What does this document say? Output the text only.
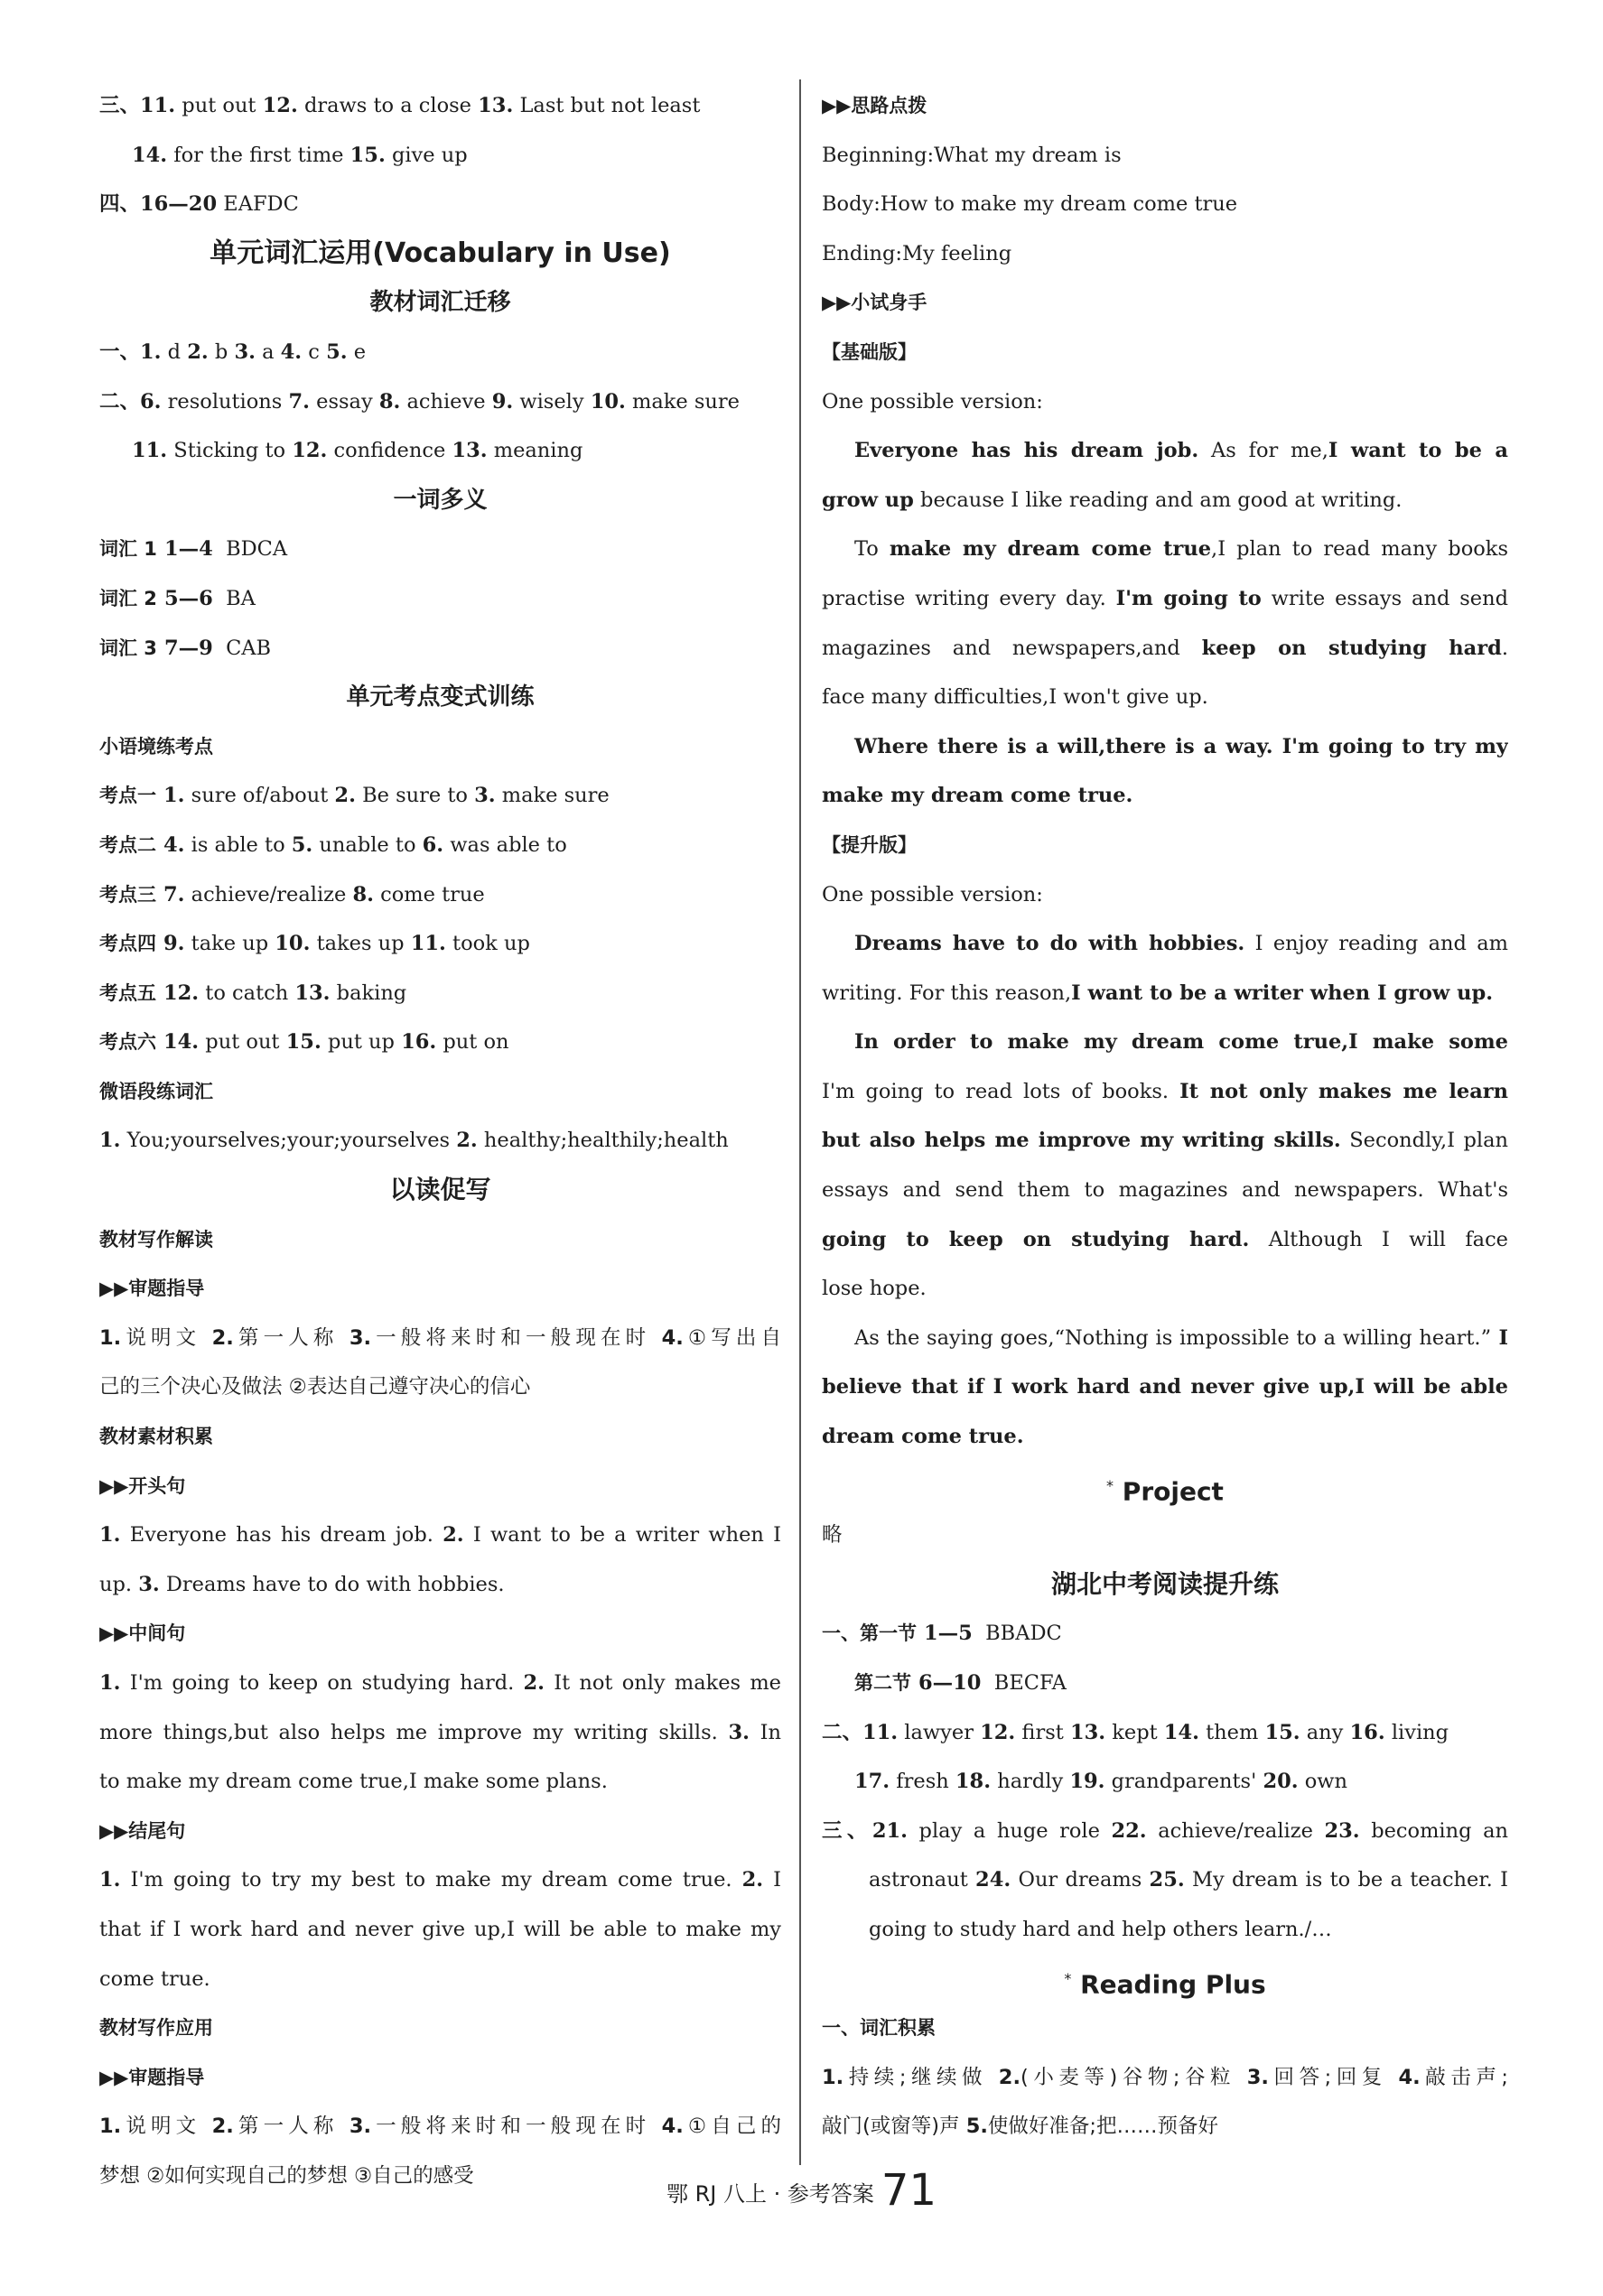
三、11. put out 12. draws to a close 13. Last but not least
14. for the first time 15. give up
四、16—20 EAFDC
单元词汇运用(Vocabulary in Use)
教材词汇迁移
一、1. d 2. b 3. a 4. c 5. e
二、6. resolutions 7. essay 8. achieve 9. wisely 10. make sure
11. Sticking to 12. confidence 13. meaning
一词多义
词汇 1 1—4 BDCA
词汇 2 5—6 BA
词汇 3 7—9 CAB
单元考点变式训练
小语境练考点
考点一 1. sure of/about 2. Be sure to 3. make sure
考点二 4. is able to 5. unable to 6. was able to
考点三 7. achieve/realize 8. come true
考点四 9. take up 10. takes up 11. took up
考点五 12. to catch 13. baking
考点六 14. put out 15. put up 16. put on
微语段练词汇
1. You;yourselves;your;yourselves 2. healthy;healthily;health
以读促写
教材写作解读
▶▶审题指导
1.说明文 2.第一人称 3.一般将来时和一般现在时 4.①写出自
己的三个决心及做法 ②表达自己遵守决心的信心
教材素材积累
▶▶开头句
1. Everyone has his dream job. 2. I want to be a writer when I
up. 3. Dreams have to do with hobbies.
▶▶中间句
1. I'm going to keep on studying hard. 2. It not only makes me
more things,but also helps me improve my writing skills. 3. In
to make my dream come true,I make some plans.
▶▶结尾句
1. I'm going to try my best to make my dream come true. 2. I
that if I work hard and never give up,I will be able to make my
come true.
教材写作应用
▶▶审题指导
1.说明文 2.第一人称 3.一般将来时和一般现在时 4.①自己的
梦想 ②如何实现自己的梦想 ③自己的感受
▶▶思路点拨
Beginning:What my dream is
Body:How to make my dream come true
Ending:My feeling
▶▶小试身手
【基础版】
One possible version:
Everyone has his dream job. As for me,I want to be a
grow up because I like reading and am good at writing.
To make my dream come true,I plan to read many books
practise writing every day. I'm going to write essays and send
magazines and newspapers,and keep on studying hard.
face many difficulties,I won't give up.
Where there is a will,there is a way. I'm going to try my
make my dream come true.
【提升版】
One possible version:
Dreams have to do with hobbies. I enjoy reading and am
writing. For this reason,I want to be a writer when I grow up.
In order to make my dream come true,I make some
I'm going to read lots of books. It not only makes me learn
but also helps me improve my writing skills. Secondly,I plan
essays and send them to magazines and newspapers. What's
going to keep on studying hard. Although I will face
lose hope.
As the saying goes,“Nothing is impossible to a willing heart.” I
believe that if I work hard and never give up,I will be able
dream come true.
* Project
略
湖北中考阅读提升练
一、第一节 1—5 BBADC
第二节 6—10 BECFA
二、11. lawyer 12. first 13. kept 14. them 15. any 16. living
17. fresh 18. hardly 19. grandparents' 20. own
三、21. play a huge role 22. achieve/realize 23. becoming an
astronaut 24. Our dreams 25. My dream is to be a teacher. I
going to study hard and help others learn./…
* Reading Plus
一、词汇积累
1.持续;继续做 2.(小麦等)谷物;谷粒 3.回答;回复 4.敲击声;
敲门(或窗等)声 5.使做好准备;把……预备好
鄂 RJ 八上 · 参考答案 71
